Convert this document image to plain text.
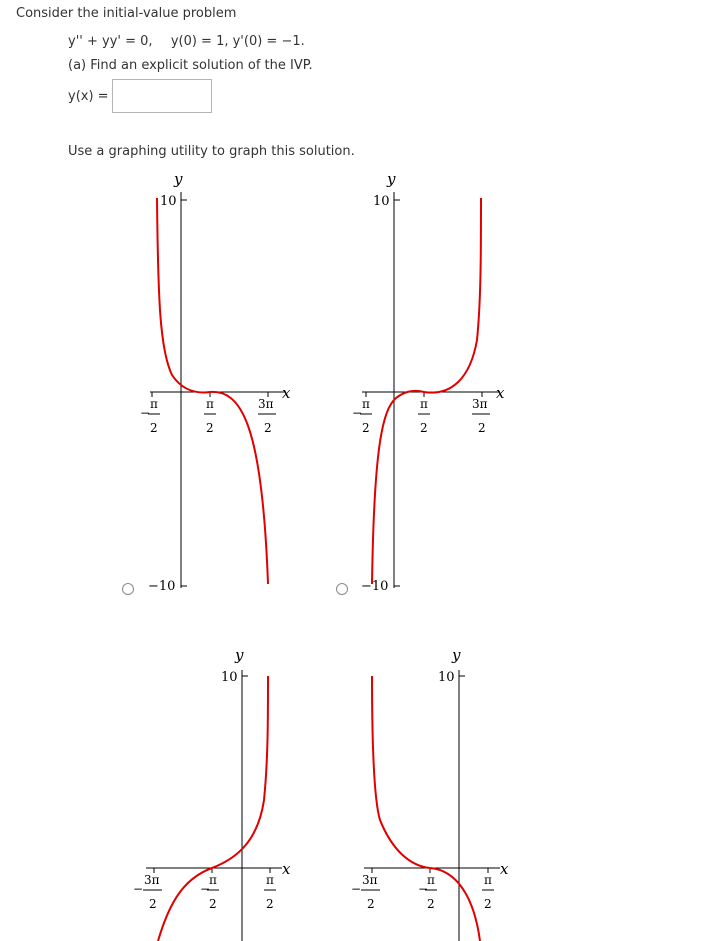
Consider the initial-value problem
y'' + yy' = 0, y(0) = 1, y'(0) = −1.
(a) Find an explicit solution of the IVP.
y(x) =
Use a graphing utility to graph this solution.
y
x
10
−10
−
π
2
π
2
3π
2
y
x
10
−10
−
π
2
π
2
3π
2
y
x
10
−
3π
2
−
π
2
π
2
y
x
10
−
3π
2
−
π
2
π
2
